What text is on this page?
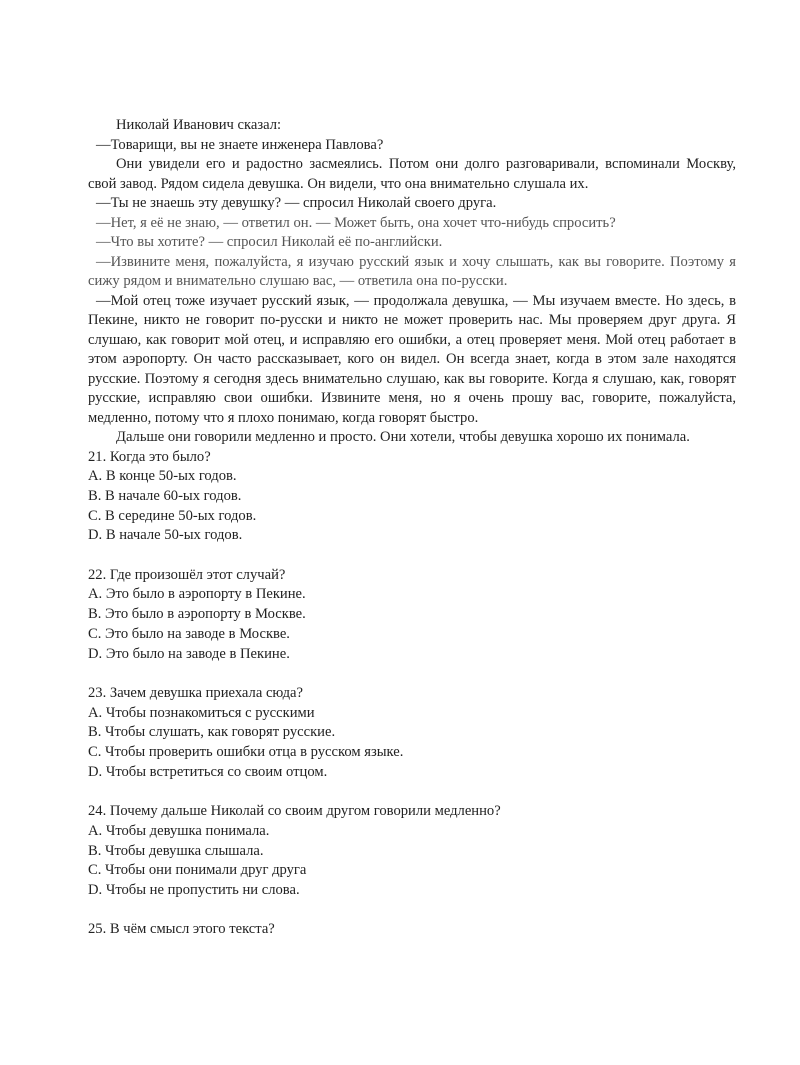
Николай Иванович сказал:

—Товарищи, вы не знаете инженера Павлова?

Они увидели его и радостно засмеялись. Потом они долго разговаривали, вспоминали Москву, свой завод. Рядом сидела девушка. Он видели, что она внимательно слушала их.

—Ты не знаешь эту девушку? — спросил Николай своего друга.

—Нет, я её не знаю, — ответил он. — Может быть, она хочет что-нибудь спросить?

—Что вы хотите? — спросил Николай её по-английски.

—Извините меня, пожалуйста, я изучаю русский язык и хочу слышать, как вы говорите. Поэтому я сижу рядом и внимательно слушаю вас, — ответила она по-русски.

—Мой отец тоже изучает русский язык, — продолжала девушка, — Мы изучаем вместе. Но здесь, в Пекине, никто не говорит по-русски и никто не может проверить нас. Мы проверяем друг друга. Я слушаю, как говорит мой отец, и исправляю его ошибки, а отец проверяет меня. Мой отец работает в этом аэропорту. Он часто рассказывает, кого он видел. Он всегда знает, когда в этом зале находятся русские. Поэтому я сегодня здесь внимательно слушаю, как вы говорите. Когда я слушаю, как, говорят русские, исправляю свои ошибки. Извините меня, но я очень прошу вас, говорите, пожалуйста, медленно, потому что я плохо понимаю, когда говорят быстро.

Дальше они говорили медленно и просто. Они хотели, чтобы девушка хорошо их понимала.

21. Когда это было?

A. В конце 50-ых годов.

B. В начале 60-ых годов.

C. В середине 50-ых годов.

D. В начале 50-ых годов.

22. Где произошёл этот случай?

A. Это было в аэропорту в Пекине.

B. Это было в аэропорту в Москве.

C. Это было на заводе в Москве.

D. Это было на заводе в Пекине.

23. Зачем девушка приехала сюда?

A. Чтобы познакомиться с русскими

B. Чтобы слушать, как говорят русские.

C. Чтобы проверить ошибки отца в русском языке.

D. Чтобы встретиться со своим отцом.

24. Почему дальше Николай со своим другом говорили медленно?

A. Чтобы девушка понимала.

B. Чтобы девушка слышала.

C. Чтобы они понимали друг друга

D. Чтобы не пропустить ни слова.

25. В чём смысл этого текста?
